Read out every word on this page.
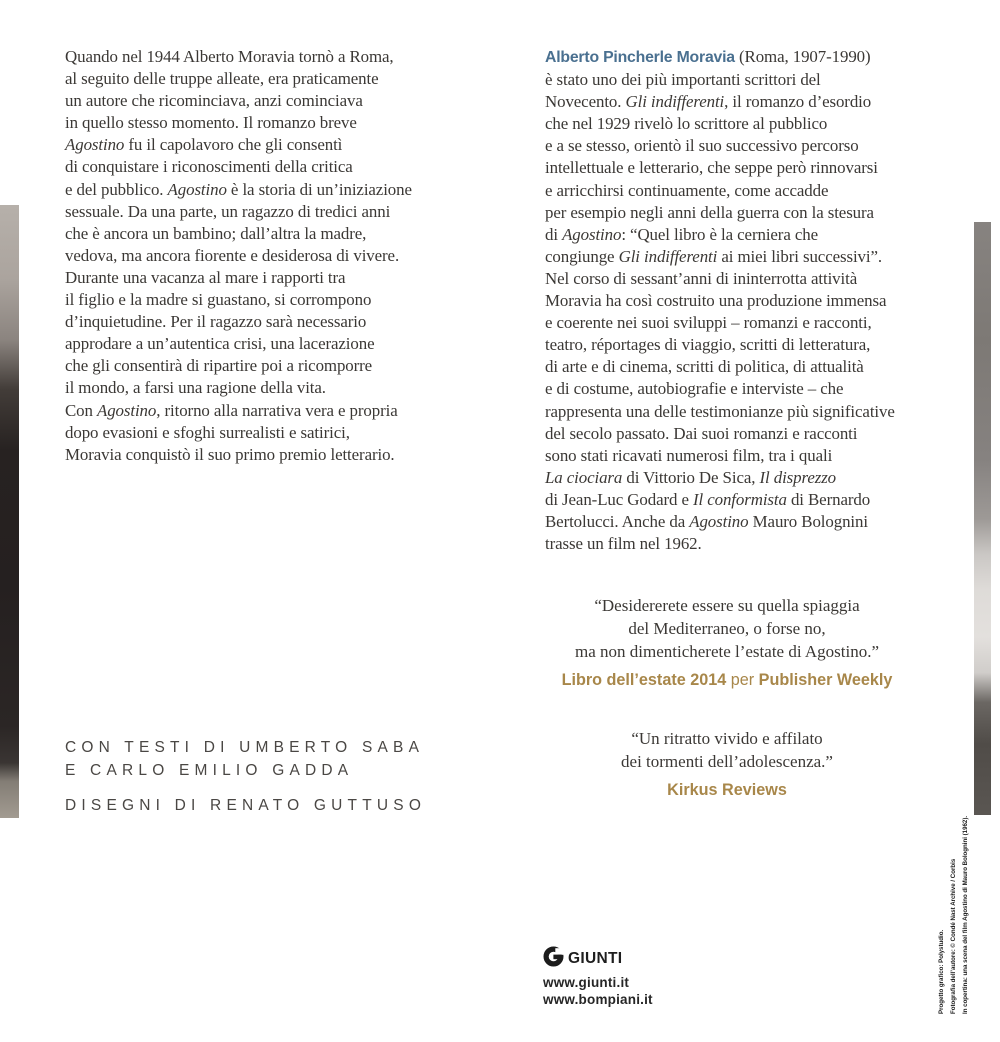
Quando nel 1944 Alberto Moravia tornò a Roma,
al seguito delle truppe alleate, era praticamente
un autore che ricominciava, anzi cominciava
in quello stesso momento. Il romanzo breve
Agostino fu il capolavoro che gli consentì
di conquistare i riconoscimenti della critica
e del pubblico. Agostino è la storia di un’iniziazione
sessuale. Da una parte, un ragazzo di tredici anni
che è ancora un bambino; dall’altra la madre,
vedova, ma ancora fiorente e desiderosa di vivere.
Durante una vacanza al mare i rapporti tra
il figlio e la madre si guastano, si corrompono
d’inquietudine. Per il ragazzo sarà necessario
approdare a un’autentica crisi, una lacerazione
che gli consentirà di ripartire poi a ricomporre
il mondo, a farsi una ragione della vita.
Con Agostino, ritorno alla narrativa vera e propria
dopo evasioni e sfoghi surrealisti e satirici,
Moravia conquistò il suo primo premio letterario.
Alberto Pincherle Moravia (Roma, 1907-1990)
è stato uno dei più importanti scrittori del
Novecento. Gli indifferenti, il romanzo d’esordio
che nel 1929 rivelò lo scrittore al pubblico
e a se stesso, orientò il suo successivo percorso
intellettuale e letterario, che seppe però rinnovarsi
e arricchirsi continuamente, come accadde
per esempio negli anni della guerra con la stesura
di Agostino: “Quel libro è la cerniera che
congiunge Gli indifferenti ai miei libri successivi”.
Nel corso di sessant’anni di ininterrotta attività
Moravia ha così costruito una produzione immensa
e coerente nei suoi sviluppi – romanzi e racconti,
teatro, réportages di viaggio, scritti di letteratura,
di arte e di cinema, scritti di politica, di attualità
e di costume, autobiografie e interviste – che
rappresenta una delle testimonianze più significative
del secolo passato. Dai suoi romanzi e racconti
sono stati ricavati numerosi film, tra i quali
La ciociara di Vittorio De Sica, Il disprezzo
di Jean-Luc Godard e Il conformista di Bernardo
Bertolucci. Anche da Agostino Mauro Bolognini
trasse un film nel 1962.
“Desidererete essere su quella spiaggia
del Mediterraneo, o forse no,
ma non dimenticherete l’estate di Agostino.”
Libro dell’estate 2014 per Publisher Weekly
“Un ritratto vivido e affilato
dei tormenti dell’adolescenza.”
Kirkus Reviews
CON TESTI DI UMBERTO SABA
E CARLO EMILIO GADDA
DISEGNI DI RENATO GUTTUSO
GIUNTI
www.giunti.it
www.bompiani.it	Progetto grafico: Polystudio. Fotografia dell’autore: © Condé Nast Archive / Corbis In copertina: una scena del film Agostino di Mauro Bolognini (1962).
